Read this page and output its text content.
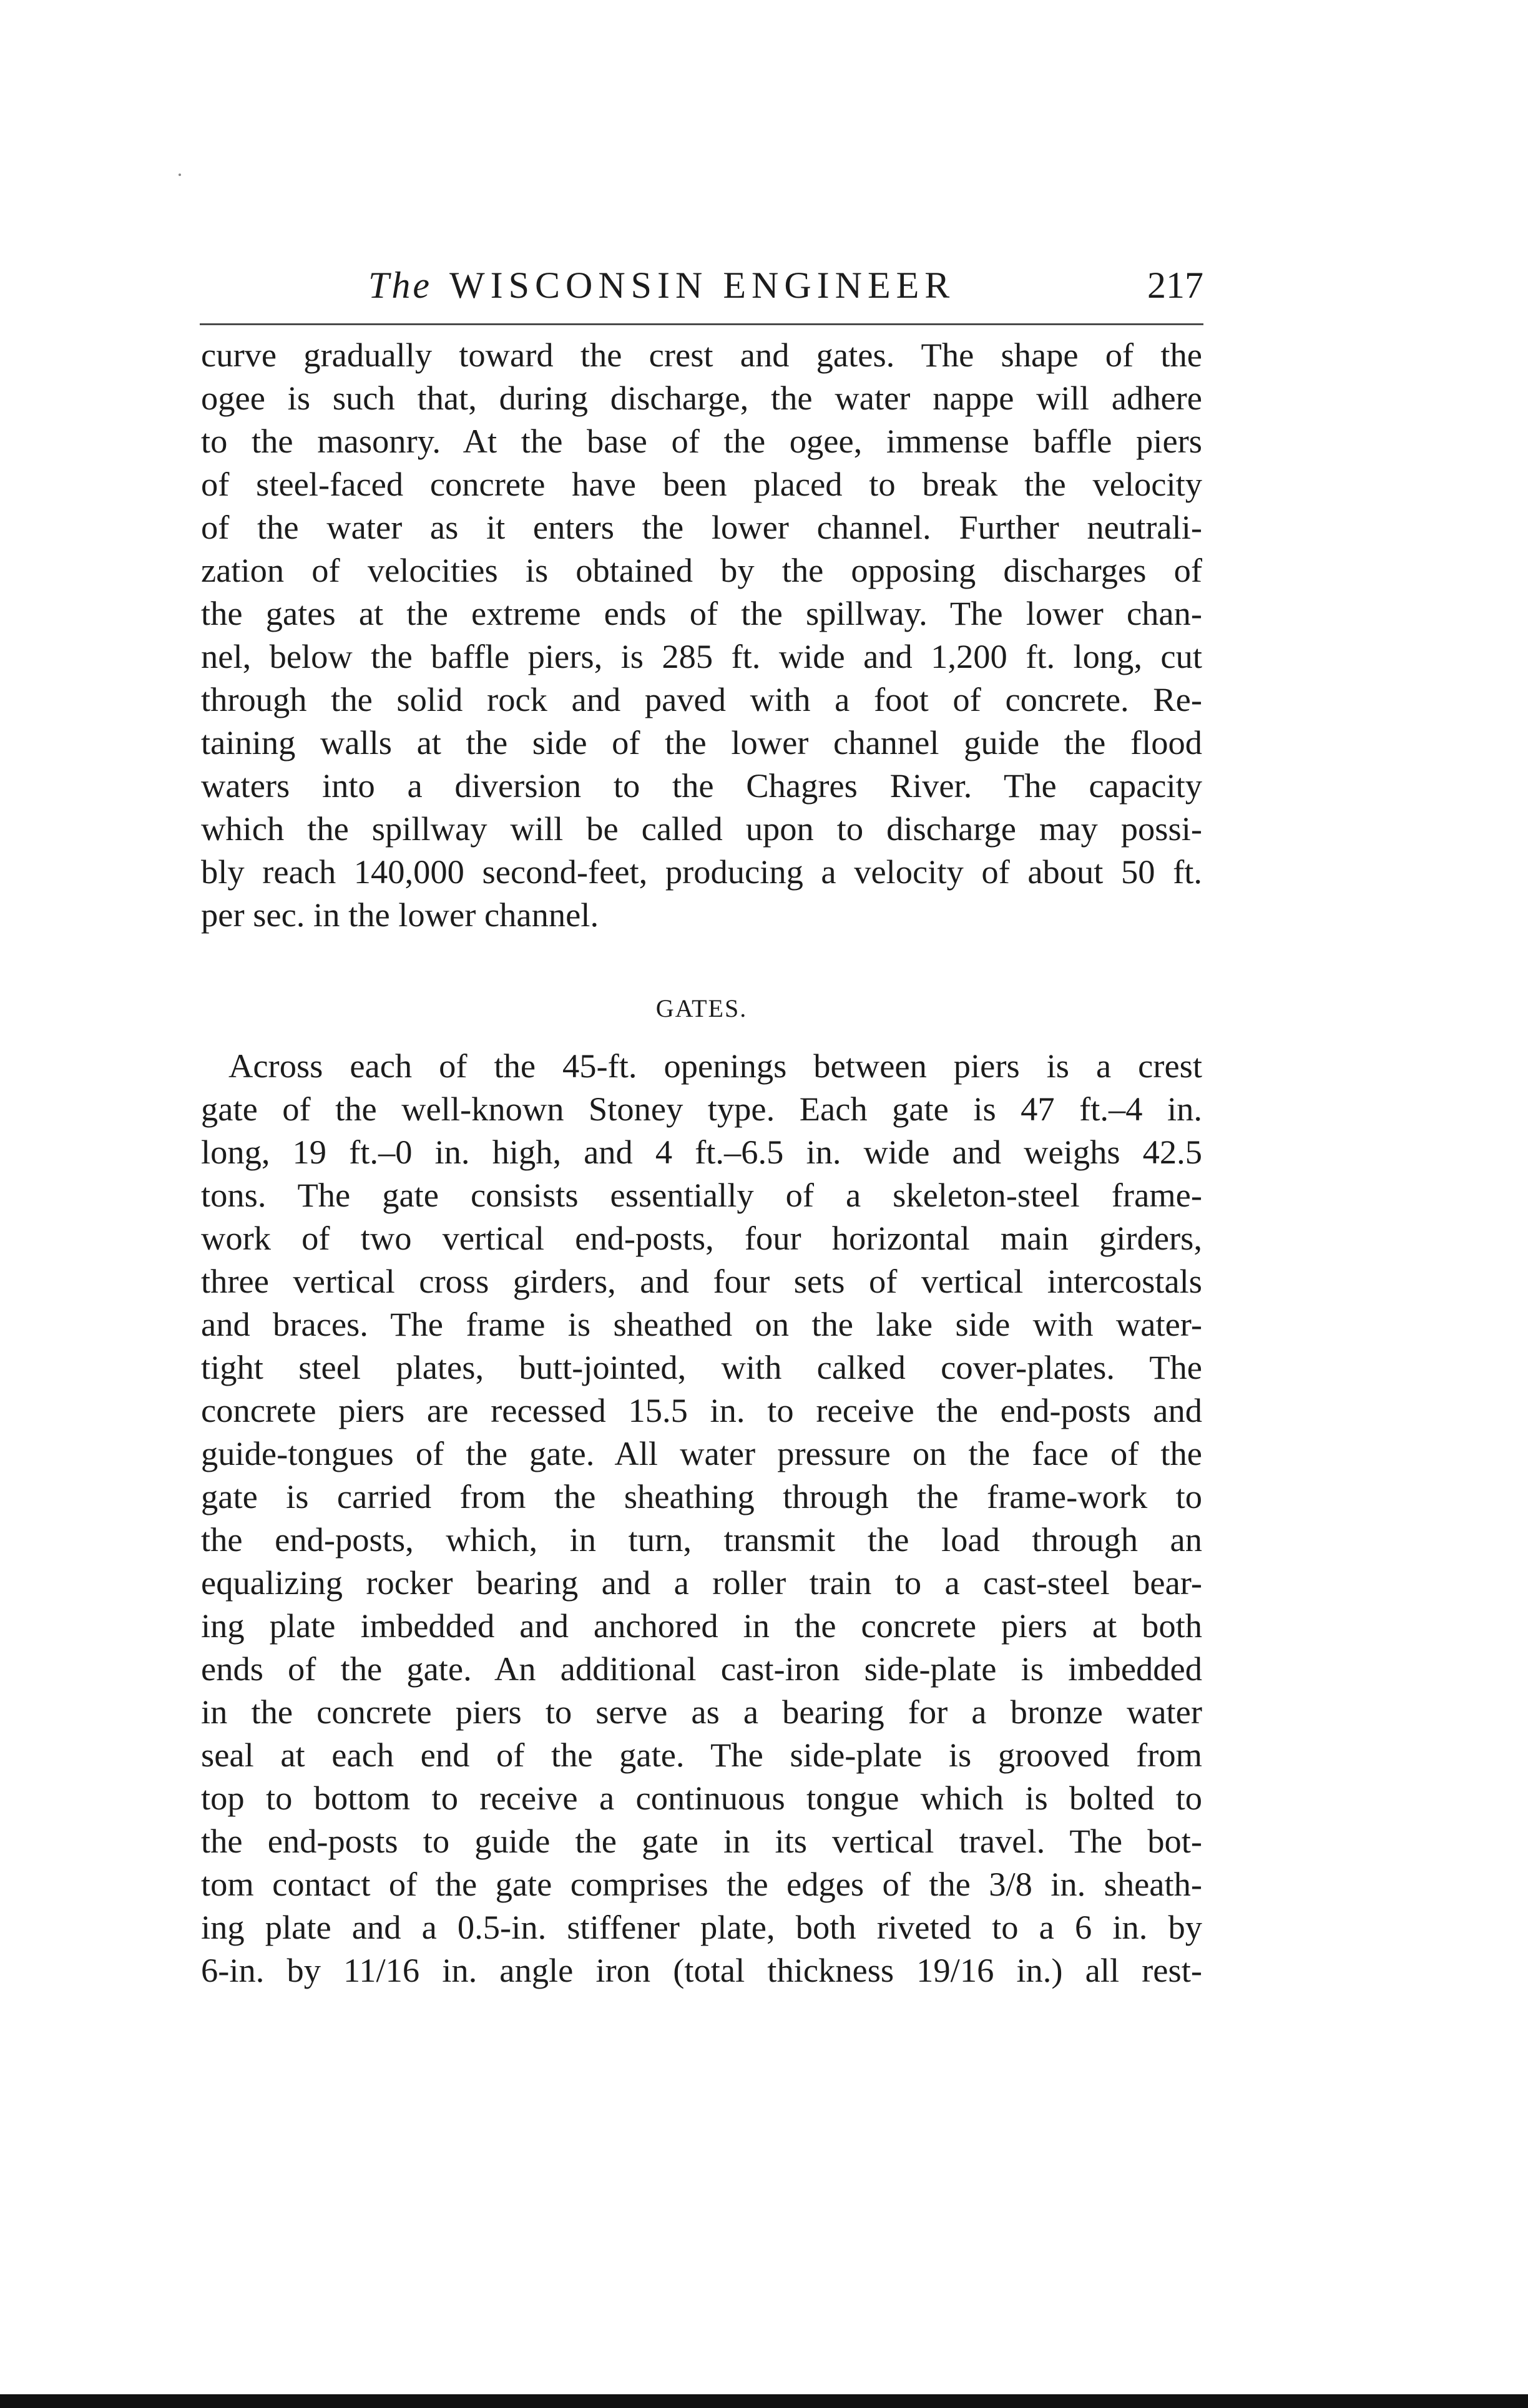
The WISCONSIN ENGINEER	217
curve gradually toward the crest and gates. The shape of the
ogee is such that, during discharge, the water nappe will adhere
to the masonry. At the base of the ogee, immense baffle piers
of steel-faced concrete have been placed to break the velocity
of the water as it enters the lower channel. Further neutrali-
zation of velocities is obtained by the opposing discharges of
the gates at the extreme ends of the spillway. The lower chan-
nel, below the baffle piers, is 285 ft. wide and 1,200 ft. long, cut
through the solid rock and paved with a foot of concrete. Re-
taining walls at the side of the lower channel guide the flood
waters into a diversion to the Chagres River. The capacity
which the spillway will be called upon to discharge may possi-
bly reach 140,000 second-feet, producing a velocity of about 50 ft.
per sec. in the lower channel.
GATES.
Across each of the 45-ft. openings between piers is a crest
gate of the well-known Stoney type. Each gate is 47 ft.–4 in.
long, 19 ft.–0 in. high, and 4 ft.–6.5 in. wide and weighs 42.5
tons. The gate consists essentially of a skeleton-steel frame-
work of two vertical end-posts, four horizontal main girders,
three vertical cross girders, and four sets of vertical intercostals
and braces. The frame is sheathed on the lake side with water-
tight steel plates, butt-jointed, with calked cover-plates. The
concrete piers are recessed 15.5 in. to receive the end-posts and
guide-tongues of the gate. All water pressure on the face of the
gate is carried from the sheathing through the frame-work to
the end-posts, which, in turn, transmit the load through an
equalizing rocker bearing and a roller train to a cast-steel bear-
ing plate imbedded and anchored in the concrete piers at both
ends of the gate. An additional cast-iron side-plate is imbedded
in the concrete piers to serve as a bearing for a bronze water
seal at each end of the gate. The side-plate is grooved from
top to bottom to receive a continuous tongue which is bolted to
the end-posts to guide the gate in its vertical travel. The bot-
tom contact of the gate comprises the edges of the 3/8 in. sheath-
ing plate and a 0.5-in. stiffener plate, both riveted to a 6 in. by
6-in. by 11/16 in. angle iron (total thickness 19/16 in.) all rest-
